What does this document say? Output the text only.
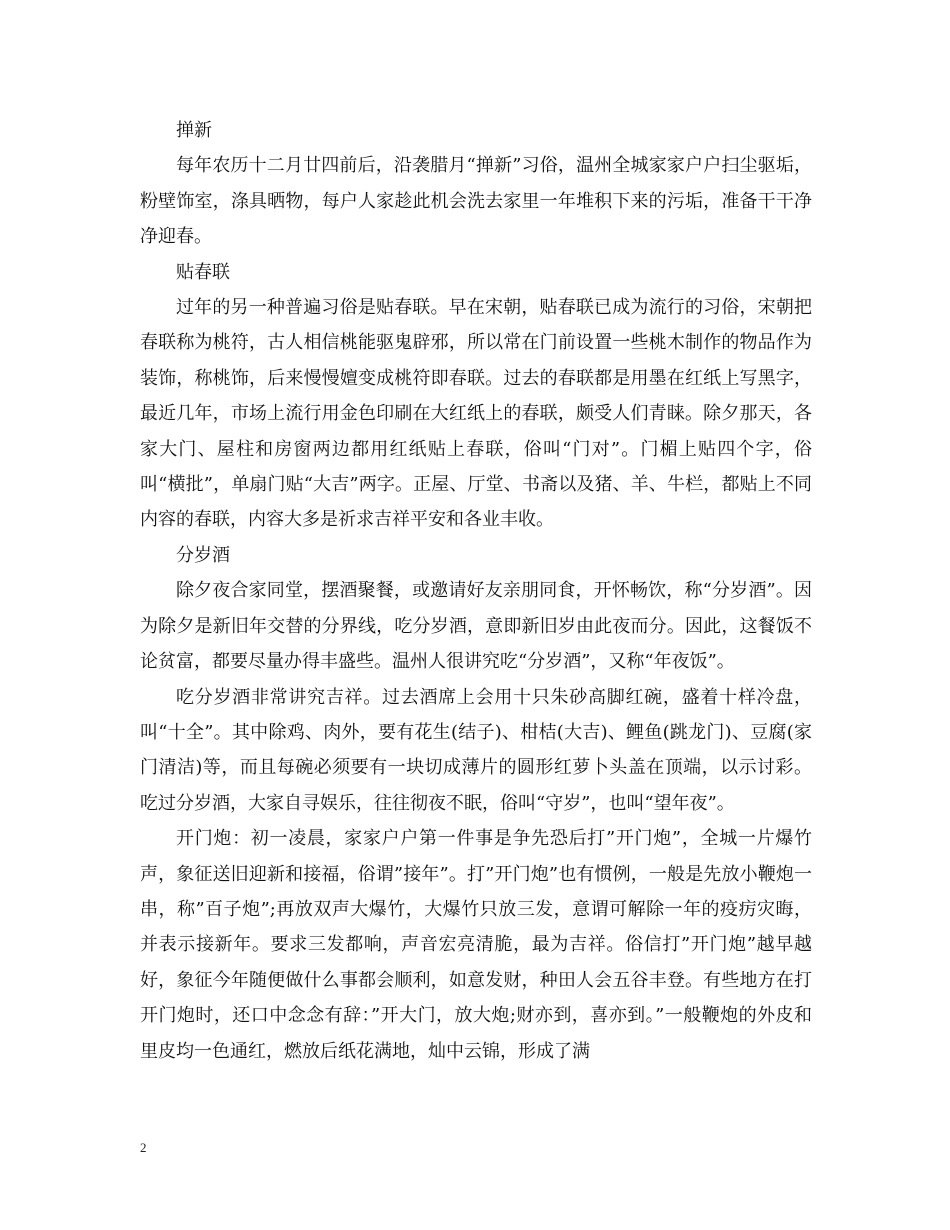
掸新

每年农历十二月廿四前后，沿袭腊月“掸新”习俗，温州全城家家户户扫尘驱垢，粉壁饰室，涤具晒物，每户人家趁此机会洗去家里一年堆积下来的污垢，准备干干净净迎春。

贴春联

过年的另一种普遍习俗是贴春联。早在宋朝，贴春联已成为流行的习俗，宋朝把春联称为桃符，古人相信桃能驱鬼辟邪，所以常在门前设置一些桃木制作的物品作为装饰，称桃饰，后来慢慢嬗变成桃符即春联。过去的春联都是用墨在红纸上写黑字，最近几年，市场上流行用金色印刷在大红纸上的春联，颇受人们青睐。除夕那天，各家大门、屋柱和房窗两边都用红纸贴上春联，俗叫“门对”。门楣上贴四个字，俗叫“横批”，单扇门贴“大吉”两字。正屋、厅堂、书斋以及猪、羊、牛栏，都贴上不同内容的春联，内容大多是祈求吉祥平安和各业丰收。

分岁酒

除夕夜合家同堂，摆酒聚餐，或邀请好友亲朋同食，开怀畅饮，称“分岁酒”。因为除夕是新旧年交替的分界线，吃分岁酒，意即新旧岁由此夜而分。因此，这餐饭不论贫富，都要尽量办得丰盛些。温州人很讲究吃“分岁酒”，又称“年夜饭”。

吃分岁酒非常讲究吉祥。过去酒席上会用十只朱砂高脚红碗，盛着十样冷盘，叫“十全”。其中除鸡、肉外，要有花生(结子)、柑桔(大吉)、鲤鱼(跳龙门)、豆腐(家门清洁)等，而且每碗必须要有一块切成薄片的圆形红萝卜头盖在顶端，以示讨彩。吃过分岁酒，大家自寻娱乐，往往彻夜不眠，俗叫“守岁”，也叫“望年夜”。

开门炮：初一凌晨，家家户户第一件事是争先恐后打”开门炮”，全城一片爆竹声，象征送旧迎新和接福，俗谓”接年”。打”开门炮”也有惯例，一般是先放小鞭炮一串，称”百子炮”;再放双声大爆竹，大爆竹只放三发，意谓可解除一年的疫疠灾晦，并表示接新年。要求三发都响，声音宏亮清脆，最为吉祥。俗信打”开门炮”越早越好，象征今年随便做什么事都会顺利，如意发财，种田人会五谷丰登。有些地方在打开门炮时，还口中念念有辞：”开大门，放大炮;财亦到，喜亦到。”一般鞭炮的外皮和里皮均一色通红，燃放后纸花满地，灿中云锦，形成了满

2
